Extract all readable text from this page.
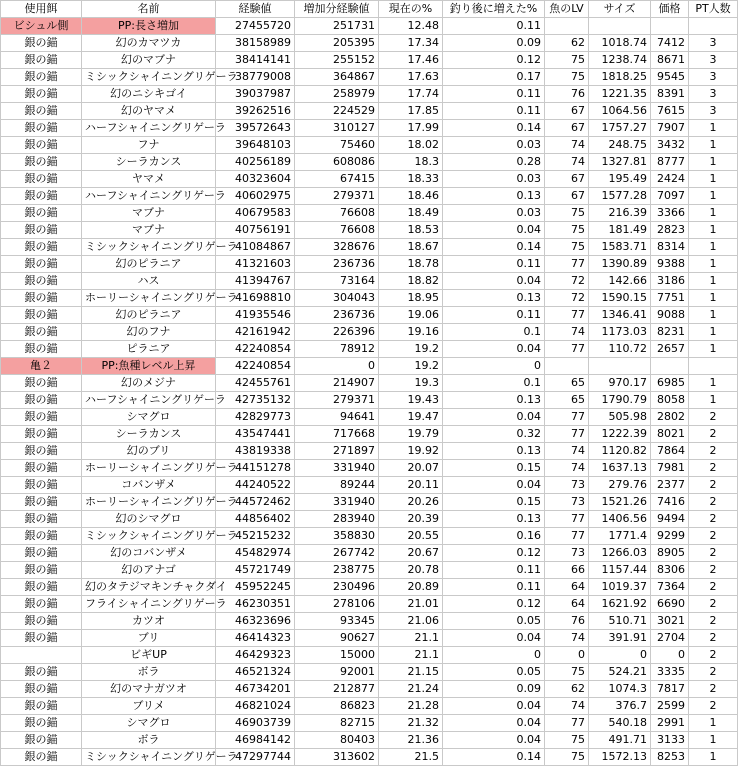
使用餌	名前	経験値	増加分経験値	現在の%	釣り後に増えた%	魚のLV	サイズ	価格	PT人数
ビシュル側	PP:長さ増加	27455720	251731	12.48	0.11				
銀の錨	幻のカマツカ	38158989	205395	17.34	0.09	62	1018.74	7412	3
銀の錨	幻のマブナ	38414141	255152	17.46	0.12	75	1238.74	8671	3
銀の錨	ミシックシャイニングリゲーラ	38779008	364867	17.63	0.17	75	1818.25	9545	3
銀の錨	幻のニシキゴイ	39037987	258979	17.74	0.11	76	1221.35	8391	3
銀の錨	幻のヤマメ	39262516	224529	17.85	0.11	67	1064.56	7615	3
銀の錨	ハーフシャイニングリゲーラ	39572643	310127	17.99	0.14	67	1757.27	7907	1
銀の錨	フナ	39648103	75460	18.02	0.03	74	248.75	3432	1
銀の錨	シーラカンス	40256189	608086	18.3	0.28	74	1327.81	8777	1
銀の錨	ヤマメ	40323604	67415	18.33	0.03	67	195.49	2424	1
銀の錨	ハーフシャイニングリゲーラ	40602975	279371	18.46	0.13	67	1577.28	7097	1
銀の錨	マブナ	40679583	76608	18.49	0.03	75	216.39	3366	1
銀の錨	マブナ	40756191	76608	18.53	0.04	75	181.49	2823	1
銀の錨	ミシックシャイニングリゲーラ	41084867	328676	18.67	0.14	75	1583.71	8314	1
銀の錨	幻のピラニア	41321603	236736	18.78	0.11	77	1390.89	9388	1
銀の錨	ハス	41394767	73164	18.82	0.04	72	142.66	3186	1
銀の錨	ホーリーシャイニングリゲーラ	41698810	304043	18.95	0.13	72	1590.15	7751	1
銀の錨	幻のピラニア	41935546	236736	19.06	0.11	77	1346.41	9088	1
銀の錨	幻のフナ	42161942	226396	19.16	0.1	74	1173.03	8231	1
銀の錨	ピラニア	42240854	78912	19.2	0.04	77	110.72	2657	1
亀２	PP:魚種レベル上昇	42240854	0	19.2	0				
銀の錨	幻のメジナ	42455761	214907	19.3	0.1	65	970.17	6985	1
銀の錨	ハーフシャイニングリゲーラ	42735132	279371	19.43	0.13	65	1790.79	8058	1
銀の錨	シマグロ	42829773	94641	19.47	0.04	77	505.98	2802	2
銀の錨	シーラカンス	43547441	717668	19.79	0.32	77	1222.39	8021	2
銀の錨	幻のブリ	43819338	271897	19.92	0.13	74	1120.82	7864	2
銀の錨	ホーリーシャイニングリゲーラ	44151278	331940	20.07	0.15	74	1637.13	7981	2
銀の錨	コバンザメ	44240522	89244	20.11	0.04	73	279.76	2377	2
銀の錨	ホーリーシャイニングリゲーラ	44572462	331940	20.26	0.15	73	1521.26	7416	2
銀の錨	幻のシマグロ	44856402	283940	20.39	0.13	77	1406.56	9494	2
銀の錨	ミシックシャイニングリゲーラ	45215232	358830	20.55	0.16	77	1771.4	9299	2
銀の錨	幻のコバンザメ	45482974	267742	20.67	0.12	73	1266.03	8905	2
銀の錨	幻のアナゴ	45721749	238775	20.78	0.11	66	1157.44	8306	2
銀の錨	幻のタテジマキンチャクダイ	45952245	230496	20.89	0.11	64	1019.37	7364	2
銀の錨	フライシャイニングリゲーラ	46230351	278106	21.01	0.12	64	1621.92	6690	2
銀の錨	カツオ	46323696	93345	21.06	0.05	76	510.71	3021	2
銀の錨	ブリ	46414323	90627	21.1	0.04	74	391.91	2704	2
	ビギUP	46429323	15000	21.1	0	0	0	0	2
銀の錨	ボラ	46521324	92001	21.15	0.05	75	524.21	3335	2
銀の錨	幻のマナガツオ	46734201	212877	21.24	0.09	62	1074.3	7817	2
銀の錨	ブリメ	46821024	86823	21.28	0.04	74	376.7	2599	2
銀の錨	シマグロ	46903739	82715	21.32	0.04	77	540.18	2991	1
銀の錨	ボラ	46984142	80403	21.36	0.04	75	491.71	3133	1
銀の錨	ミシックシャイニングリゲーラ	47297744	313602	21.5	0.14	75	1572.13	8253	1
